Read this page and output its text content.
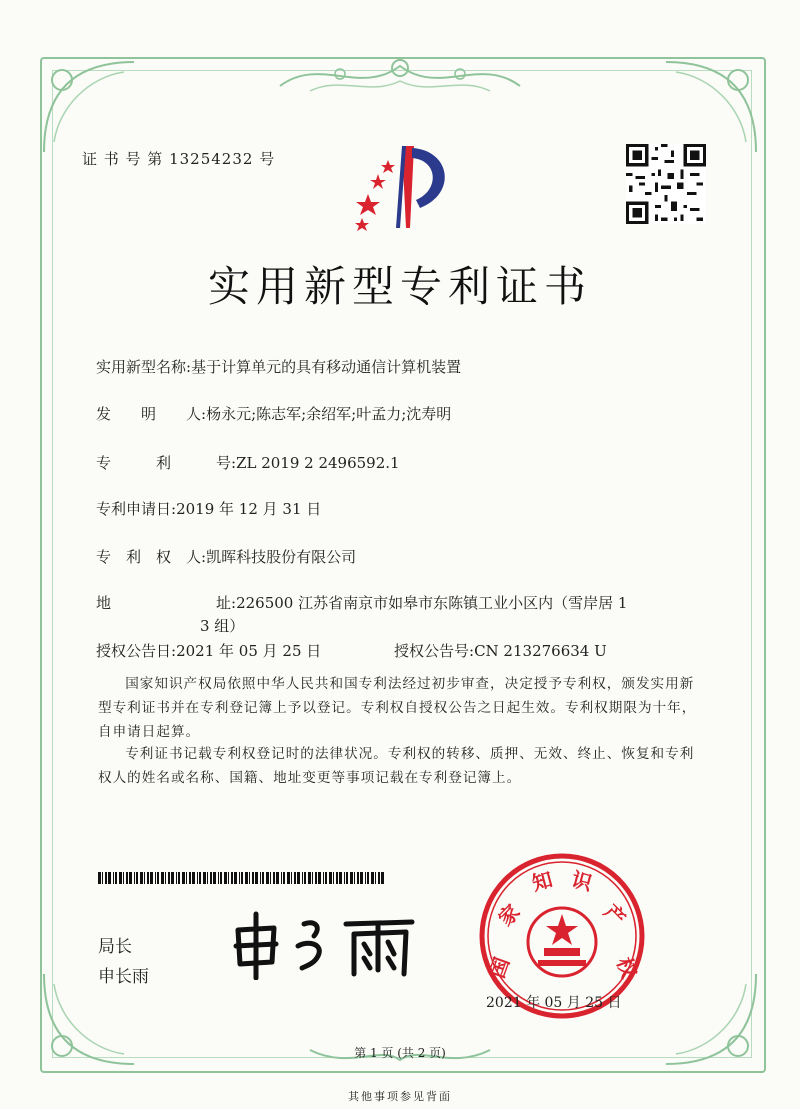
证 书 号 第 13254232 号
实用新型专利证书
实用新型名称:基于计算单元的具有移动通信计算机装置
发　　明　　人:杨永元;陈志军;余绍军;叶孟力;沈寿明
专　　　利　　　号:ZL 2019 2 2496592.1
专利申请日:2019 年 12 月 31 日
专　利　权　人:凯晖科技股份有限公司
地　　　　　　　址:226500 江苏省南京市如皋市东陈镇工业小区内（雪岸居 1
3 组）
授权公告日:2021 年 05 月 25 日	授权公告号:CN 213276634 U
国家知识产权局依照中华人民共和国专利法经过初步审查，决定授予专利权，颁发实用新型专利证书并在专利登记簿上予以登记。专利权自授权公告之日起生效。专利权期限为十年，自申请日起算。
专利证书记载专利权登记时的法律状况。专利权的转移、质押、无效、终止、恢复和专利权人的姓名或名称、国籍、地址变更等事项记载在专利登记簿上。
局长
申长雨	国
家
知 识
产
权
2021 年 05 月 25 日
第 1 页 (共 2 页)
其他事项参见背面
